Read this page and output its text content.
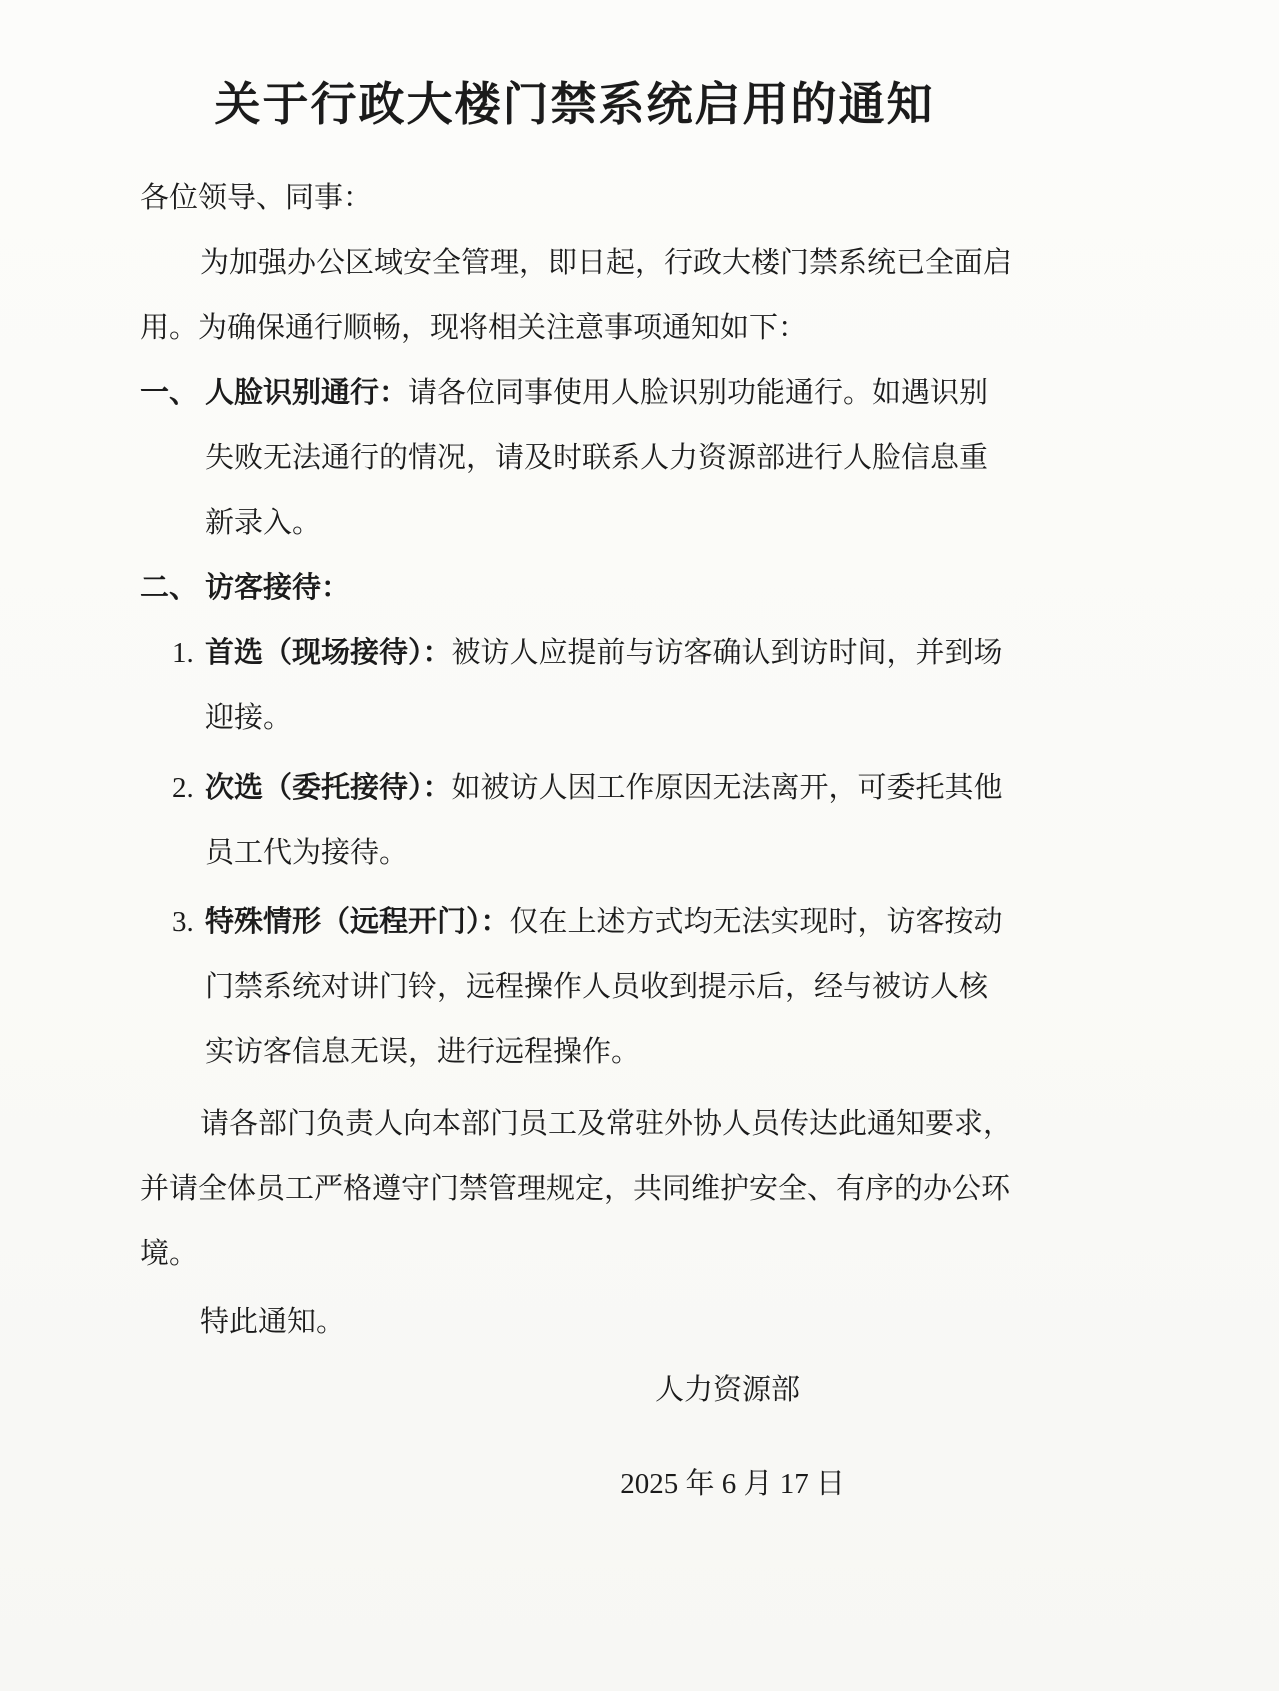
关于行政大楼门禁系统启用的通知
各位领导、同事：
为加强办公区域安全管理，即日起，行政大楼门禁系统已全面启
用。为确保通行顺畅，现将相关注意事项通知如下：
一、 人脸识别通行：请各位同事使用人脸识别功能通行。如遇识别
失败无法通行的情况，请及时联系人力资源部进行人脸信息重
新录入。
二、 访客接待：
1. 首选（现场接待）：被访人应提前与访客确认到访时间，并到场
迎接。
2. 次选（委托接待）：如被访人因工作原因无法离开，可委托其他
员工代为接待。
3. 特殊情形（远程开门）：仅在上述方式均无法实现时，访客按动
门禁系统对讲门铃，远程操作人员收到提示后，经与被访人核
实访客信息无误，进行远程操作。
请各部门负责人向本部门员工及常驻外协人员传达此通知要求，
并请全体员工严格遵守门禁管理规定，共同维护安全、有序的办公环
境。
特此通知。
人力资源部
2025 年 6 月 17 日
